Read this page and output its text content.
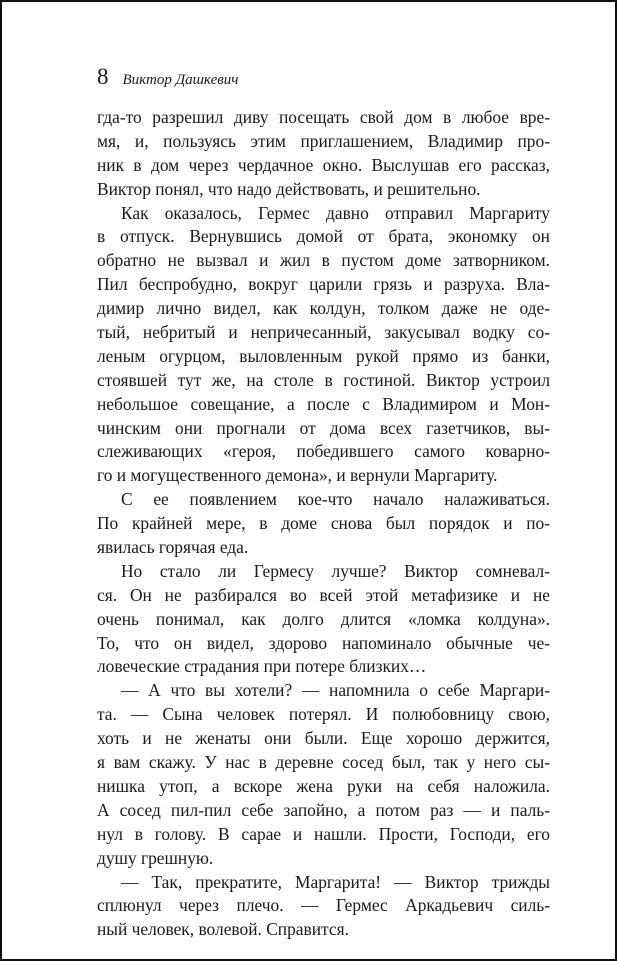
8 Виктор Дашкевич
гда-то разрешил диву посещать свой дом в любое вре-
мя, и, пользуясь этим приглашением, Владимир про-
ник в дом через чердачное окно. Выслушав его рассказ,
Виктор понял, что надо действовать, и решительно.
Как оказалось, Гермес давно отправил Маргариту
в отпуск. Вернувшись домой от брата, экономку он
обратно не вызвал и жил в пустом доме затворником.
Пил беспробудно, вокруг царили грязь и разруха. Вла-
димир лично видел, как колдун, толком даже не оде-
тый, небритый и непричесанный, закусывал водку со-
леным огурцом, выловленным рукой прямо из банки,
стоявшей тут же, на столе в гостиной. Виктор устроил
небольшое совещание, а после с Владимиром и Мон-
чинским они прогнали от дома всех газетчиков, вы-
слеживающих «героя, победившего самого коварно-
го и могущественного демона», и вернули Маргариту.
С ее появлением кое-что начало налаживаться.
По крайней мере, в доме снова был порядок и по-
явилась горячая еда.
Но стало ли Гермесу лучше? Виктор сомневал-
ся. Он не разбирался во всей этой метафизике и не
очень понимал, как долго длится «ломка колдуна».
То, что он видел, здорово напоминало обычные че-
ловеческие страдания при потере близких…
— А что вы хотели? — напомнила о себе Маргари-
та. — Сына человек потерял. И полюбовницу свою,
хоть и не женаты они были. Еще хорошо держится,
я вам скажу. У нас в деревне сосед был, так у него сы-
нишка утоп, а вскоре жена руки на себя наложила.
А сосед пил-пил себе запойно, а потом раз — и паль-
нул в голову. В сарае и нашли. Прости, Господи, его
душу грешную.
— Так, прекратите, Маргарита! — Виктор трижды
сплюнул через плечо. — Гермес Аркадьевич силь-
ный человек, волевой. Справится.
